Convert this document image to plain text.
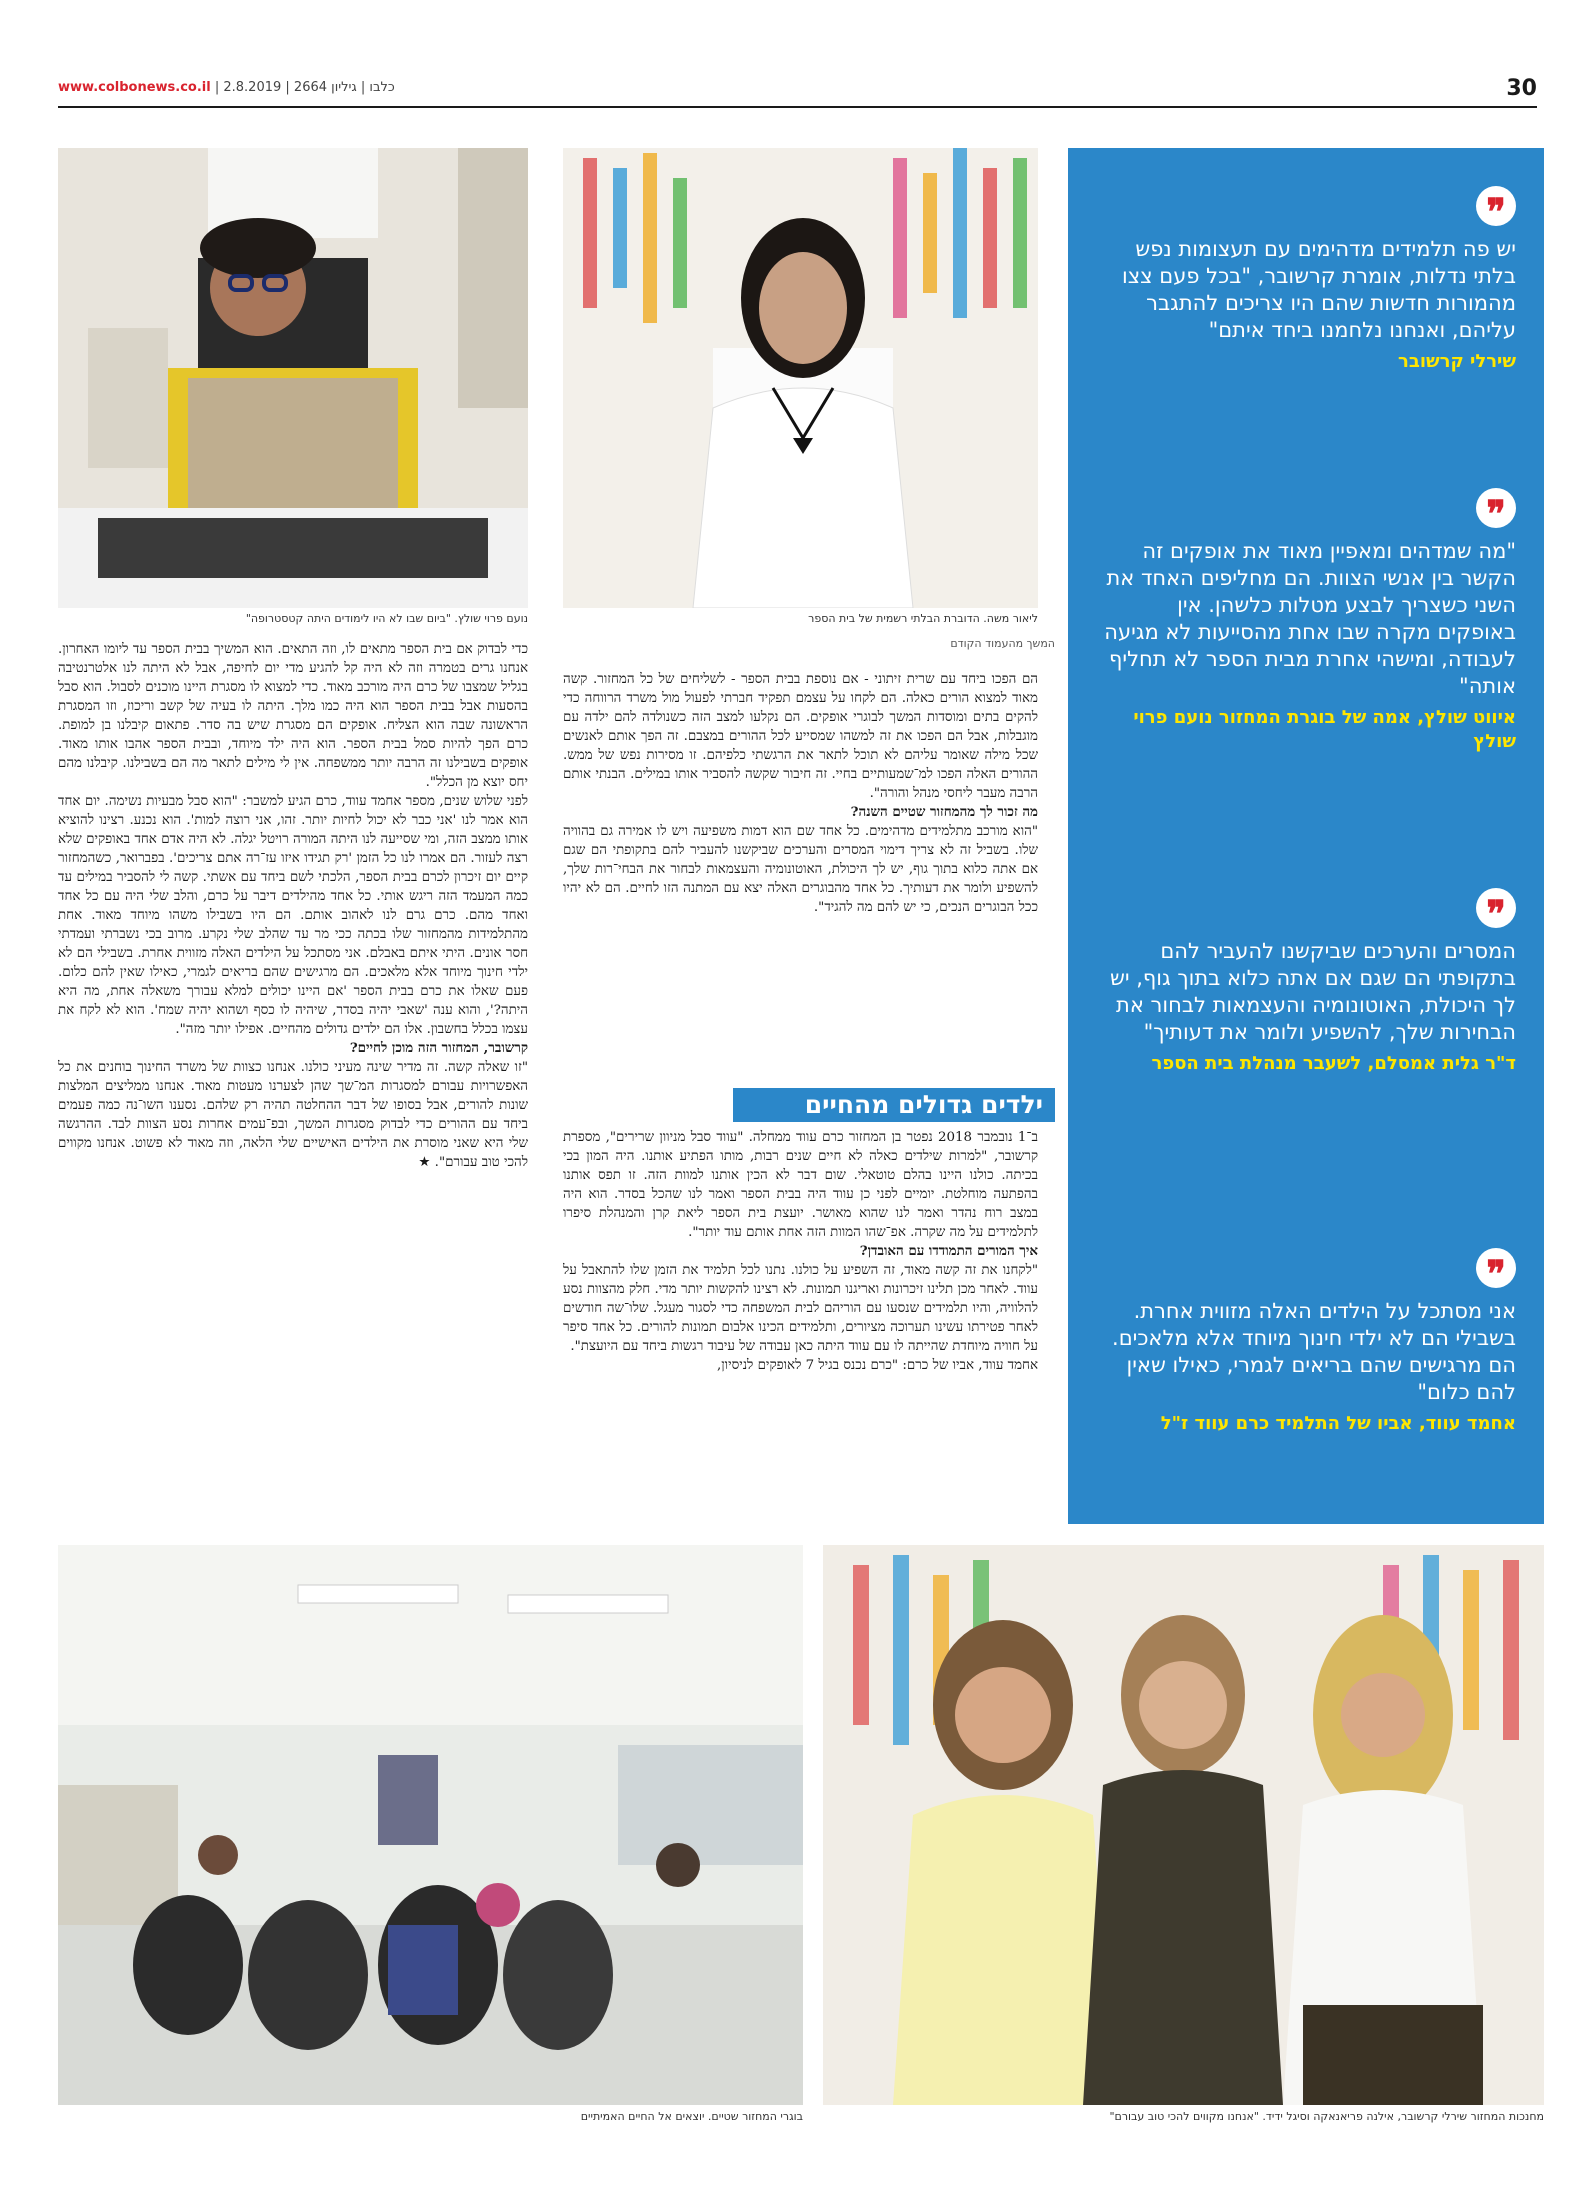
www.colbonews.co.il | כלבו | גיליון 2664 | 2.8.2019	30
נועם פרוי שולץ. "ביום שבו לא היו לימודים היתה קטסטרופה"	ליאור משה. הדוברת הבלתי רשמית של בית הספר
המשך מהעמוד הקודם

הם הפכו ביחד עם שרית זיתוני - אם נוספת בבית הספר - לשליחים של כל המחזור. קשה מאוד למצוא הורים כאלה. הם לקחו על עצמם תפקיד חברתי לפעול מול משרד הרווחה כדי להקים בתים ומוסדות המשך לבוגרי אופקים. הם נקלעו למצב הזה כשנולדה להם ילדה עם מוגבלות, אבל הם הפכו את זה למשהו שמסייע לכל ההורים במצבם. זה הפך אותם לאנשים שכל מילה שאומר עליהם לא תוכל לתאר את הרגשתי כלפיהם. זו מסירות נפש של ממש. ההורים האלה הפכו למ־שמעותיים בחיי. זה חיבור שקשה להסביר אותו במילים. הבנתי אותם הרבה מעבר ליחסי מנהל והורה".

מה זכור לך מהמחזור שטיים השנה?

"הוא מורכב מתלמידים מדהימים. כל אחד שם הוא דמות משפיעה ויש לו אמירה גם בהוויה שלו. בשביל זה לא צריך דימוי המסרים והערכים שביקשנו להעביר להם בתקופתי הם שגם אם אתה כלוא בתוך גוף, יש לך היכולת, האוטונומיה והעצמאות לבחור את הבחי־רות שלך, להשפיע ולומר את דעותיך. כל אחד מהבוגרים האלה יצא עם המתנה הזו לחיים. הם לא יהיו ככל הבוגרים הנכים, כי יש להם מה להגיד".

ילדים גדולים מהחיים

ב־1 נובמבר 2018 נפטר בן המחזור כרם עווד ממחלה. "עווד סבל מניוון שרירים", מספרת קרשובר, "למרות שילדים כאלה לא חיים שנים רבות, מותו הפתיע אותנו. היה המון בכי בכיתה. כולנו היינו בהלם טוטאלי. שום דבר לא הכין אותנו למוות הזה. זו תפס אותנו בהפתעה מוחלטת. יומיים לפני כן עווד היה בבית הספר ואמר לנו שהכל בסדר. הוא היה במצב רוח נהדר ואמר לנו שהוא מאושר. יועצת בית הספר ליאת קרן והמנהלת סיפרו לתלמידים על מה שקרה. אפ־שהו המוות הזה אחת אותם עוד יותר".

איך המורים התמודדו עם האובדן?

"לקחנו את זה קשה מאוד, זה השפיע על כולנו. נתנו לכל תלמיד את הזמן שלו להתאבל על עווד. לאחר מכן תלינו זיכרונות ואריגנו תמונות. לא רצינו להקשות יותר מדי. חלק מהצוות נסע להלוויה, והיו תלמידים שנסעו עם הוריהם לבית המשפחה כדי לסגור מעגל. שלו־שה חודשים לאחר פטירתו עשינו תערוכה מציורים, ותלמידים הכינו אלבום תמונות להורים. כל אחד סיפר על חוויה מיוחדת שהייתה לו עם עווד היתה כאן עבודה של עיבוד רגשות ביחד עם היועצת".

אחמד עווד, אביו של כרם: "כרם נכנס בגיל 7 לאופקים לניסיון,

כדי לבדוק אם בית הספר מתאים לו, וזה התאים. הוא המשיך בבית הספר עד ליומו האחרון. אנחנו גרים בטמרה וזה לא היה קל להגיע מדי יום לחיפה, אבל לא היתה לנו אלטרנטיבה בגליל שמצבו של כרם היה מורכב מאוד. כדי למצוא לו מסגרת היינו מוכנים לסבול. הוא סבל בהסעות אבל בבית הספר הוא היה כמו מלך. היתה לו בעיה של קשב וריכוז, וזו המסגרת הראשונה שבה הוא הצליח. אופקים הם מסגרת שיש בה סדר. פתאום קיבלנו בן למופת. כרם הפך להיות סמל בבית הספר. הוא היה ילד מיוחד, ובבית הספר אהבו אותו מאוד. אופקים בשבילנו זה הרבה יותר ממשפחה. אין לי מילים לתאר מה הם בשבילנו. קיבלנו מהם יחס יוצא מן הכלל".

לפני שלוש שנים, מספר אחמד עווד, כרם הגיע למשבר: "הוא סבל מבעיות נשימה. יום אחד הוא אמר לנו 'אני כבר לא יכול לחיות יותר. זהו, אני רוצה למות'. הוא נכנע. רצינו להוציא אותו ממצב הזה, ומי שסייעה לנו היתה המורה רויטל יגלה. לא היה אדם אחד באופקים שלא רצה לעזור. הם אמרו לנו כל הזמן 'רק תגידו איזו עז־רה אתם צריכים'. בפברואר, כשהמחזור קיים יום זיכרון לכרם בבית הספר, הלכתי לשם ביחד עם אשתי. קשה לי להסביר במילים עד כמה המעמד הזה ריגש אותי. כל אחד מהילדים דיבר על כרם, והלב שלי היה עם כל אחד ואחד מהם. כרם גרם לנו לאהוב אותם. הם היו בשבילו משהו מיוחד מאוד. אחת מהתלמידות מהמחזור שלו בכתה ככי מר עד שהלב שלי נקרע. מרוב בכי נשברתי ועמדתי חסר אונים. היתי איתם באבלם. אני מסתכל על הילדים האלה מזווית אחרת. בשבילי הם לא ילדי חינוך מיוחד אלא מלאכים. הם מרגישים שהם בריאים לגמרי, כאילו שאין להם כלום. פעם שאלו את כרם בבית הספר 'אם היינו יכולים למלא עבורך משאלה אחת, מה היא היתה?', והוא ענה 'שאבי יהיה בסדר, שיהיה לו כסף ושהוא יהיה שמח'. הוא לא לקח את עצמו בכלל בחשבון. אלו הם ילדים גדולים מהחיים. אפילו יותר מזה".

קרשובר, המחזור הזה מוכן לחיים?

"זו שאלה קשה. זה מדיר שינה מעיני כולנו. אנחנו כצוות של משרד החינוך בוחנים את כל האפשרויות עבורם למסגרות המ־שך שהן לצערנו מעטות מאוד. אנחנו ממליצים המלצות שונות להורים, אבל בסופו של דבר ההחלטה תהיה רק שלהם. נסענו השו־נה כמה פעמים ביחד עם ההורים כדי לבדוק מסגרות המשך, ובפ־עמים אחרות נסע הצוות לבד. ההרגשה שלי היא שאני מוסרת את הילדים האישיים שלי הלאה, וזה מאוד לא פשוט. אנחנו מקווים להכי טוב עבורם". ★

❞
יש פה תלמידים מדהימים עם תעצומות נפש בלתי נדלות, אומרת קרשובר, "בכל פעם צצו מהמורות חדשות שהם היו צריכים להתגבר עליהם, ואנחנו נלחמנו ביחד איתם"
שירלי קרשובר
❞
"מה שמדהים ומאפיין מאוד את אופקים זה הקשר בין אנשי הצוות. הם מחליפים האחד את השני כשצריך לבצע מטלות כלשהן. אין באופקים מקרה שבו אחת מהסייעות לא מגיעה לעבודה, ומישהי אחרת מבית הספר לא תחליף אותה"
איווט שולץ, אמה של בוגרת המחזור נועם פרוי שולץ
❞
המסרים והערכים שביקשנו להעביר להם בתקופתי הם שגם אם אתה כלוא בתוך גוף, יש לך היכולת, האוטונומיה והעצמאות לבחור את הבחירות שלך, להשפיע ולומר את דעותיך"
ד"ר גלית אמסלם, לשעבר מנהלת בית הספר
❞
אני מסתכל על הילדים האלה מזווית אחרת. בשבילי הם לא ילדי חינוך מיוחד אלא מלאכים. הם מרגישים שהם בריאים לגמרי, כאילו שאין להם כלום"
אחמד עווד, אביו של התלמיד כרם עווד ז"ל
בוגרי המחזור שטיים. יוצאים אל החיים האמיתיים	מחנכות המחזור שירלי קרשובר, אילנה פריאנאקה וסיגל ידיד. "אנחנו מקווים להכי טוב עבורם"
